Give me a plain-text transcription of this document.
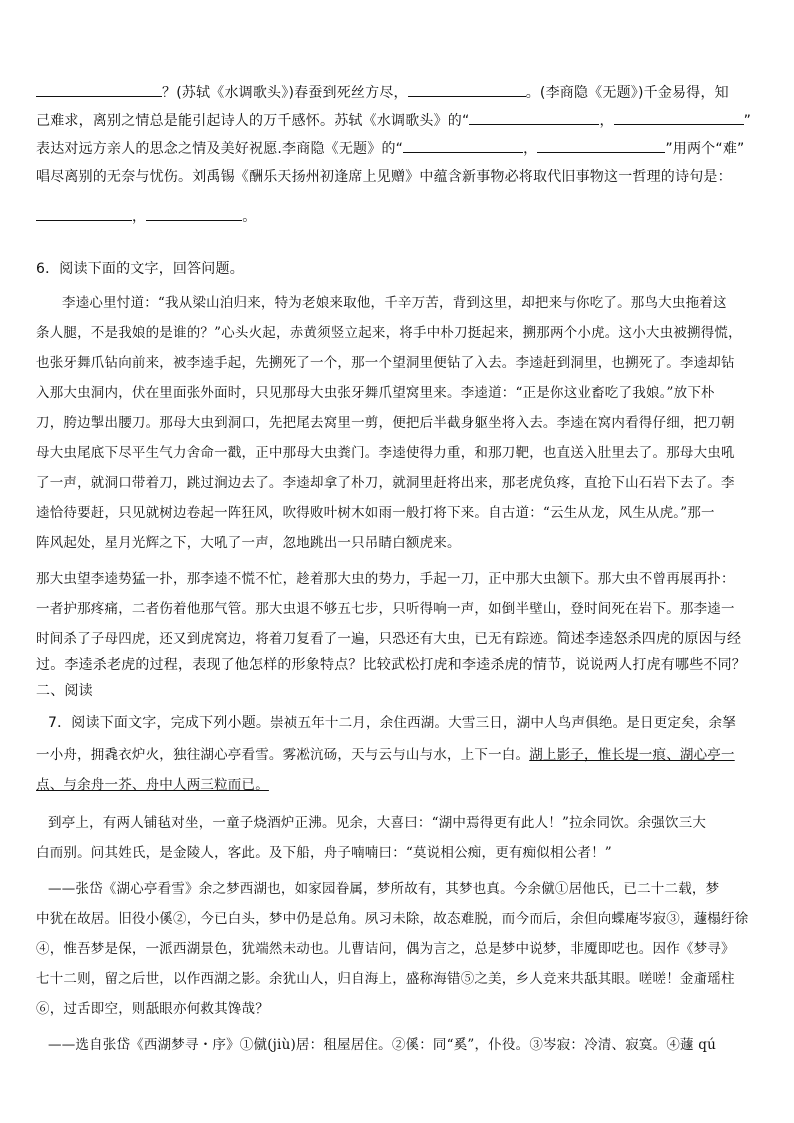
？(苏轼《水调歌头》)春蚕到死丝方尽，	。(李商隐《无题》)千金易得，知
己难求，离别之情总是能引起诗人的万千感怀。苏轼《水调歌头》的“	，	”
表达对远方亲人的思念之情及美好祝愿.李商隐《无题》的“	，	”用两个“难”
唱尽离别的无奈与忧伤。刘禹锡《酬乐天扬州初逢席上见赠》中蕴含新事物必将取代旧事物这一哲理的诗句是：
，	。
6．阅读下面的文字，回答问题。
李逵心里忖道：“我从梁山泊归来，特为老娘来取他，千辛万苦，背到这里，却把来与你吃了。那鸟大虫拖着这
条人腿，不是我娘的是谁的？”心头火起，赤黄须竖立起来，将手中朴刀挺起来，搠那两个小虎。这小大虫被搠得慌，
也张牙舞爪钻向前来，被李逵手起，先搠死了一个，那一个望洞里便钻了入去。李逵赶到洞里，也搠死了。李逵却钻
入那大虫洞内，伏在里面张外面时，只见那母大虫张牙舞爪望窝里来。李逵道：“正是你这业畜吃了我娘。”放下朴
刀，胯边掣出腰刀。那母大虫到洞口，先把尾去窝里一剪，便把后半截身躯坐将入去。李逵在窝内看得仔细，把刀朝
母大虫尾底下尽平生气力舍命一戳，正中那母大虫粪门。李逵使得力重，和那刀靶，也直送入肚里去了。那母大虫吼
了一声，就洞口带着刀，跳过涧边去了。李逵却拿了朴刀，就洞里赶将出来，那老虎负疼，直抢下山石岩下去了。李
逵恰待要赶，只见就树边卷起一阵狂风，吹得败叶树木如雨一般打将下来。自古道：“云生从龙，风生从虎。”那一
阵风起处，星月光辉之下，大吼了一声，忽地跳出一只吊睛白额虎来。
那大虫望李逵势猛一扑，那李逵不慌不忙，趁着那大虫的势力，手起一刀，正中那大虫颔下。那大虫不曾再展再扑：
一者护那疼痛，二者伤着他那气管。那大虫退不够五七步，只听得响一声，如倒半壁山，登时间死在岩下。那李逵一
时间杀了子母四虎，还又到虎窝边，将着刀复看了一遍，只恐还有大虫，已无有踪迹。简述李逵怒杀四虎的原因与经
过。李逵杀老虎的过程，表现了他怎样的形象特点？比较武松打虎和李逵杀虎的情节，说说两人打虎有哪些不同？
二、阅读
7．阅读下面文字，完成下列小题。崇祯五年十二月，余住西湖。大雪三日，湖中人鸟声俱绝。是日更定矣，余拏
一小舟，拥毳衣炉火，独往湖心亭看雪。雾凇沆砀，天与云与山与水，上下一白。湖上影子，惟长堤一痕、湖心亭一
点、与余舟一芥、舟中人两三粒而已。
到亭上，有两人铺毡对坐，一童子烧酒炉正沸。见余，大喜曰：“湖中焉得更有此人！”拉余同饮。余强饮三大
白而别。问其姓氏，是金陵人，客此。及下船，舟子喃喃曰：“莫说相公痴，更有痴似相公者！”
——张岱《湖心亭看雪》余之梦西湖也，如家园眷属，梦所故有，其梦也真。今余僦①居他氏，已二十二载，梦
中犹在故居。旧役小傒②，今已白头，梦中仍是总角。夙习未除，故态难脱，而今而后，余但向蝶庵岑寂③，蘧榻纡徐
④，惟吾梦是保，一派西湖景色，犹端然未动也。儿曹诘问，偶为言之，总是梦中说梦，非魇即呓也。因作《梦寻》
七十二则，留之后世，以作西湖之影。余犹山人，归自海上，盛称海错⑤之美，乡人竞来共舐其眼。嗟嗟！金齑瑶柱
⑥，过舌即空，则舐眼亦何救其馋哉？
——选自张岱《西湖梦寻・序》①僦(jiù)居：租屋居住。②傒：同“奚”，仆役。③岑寂：冷清、寂寞。④蘧 qú
